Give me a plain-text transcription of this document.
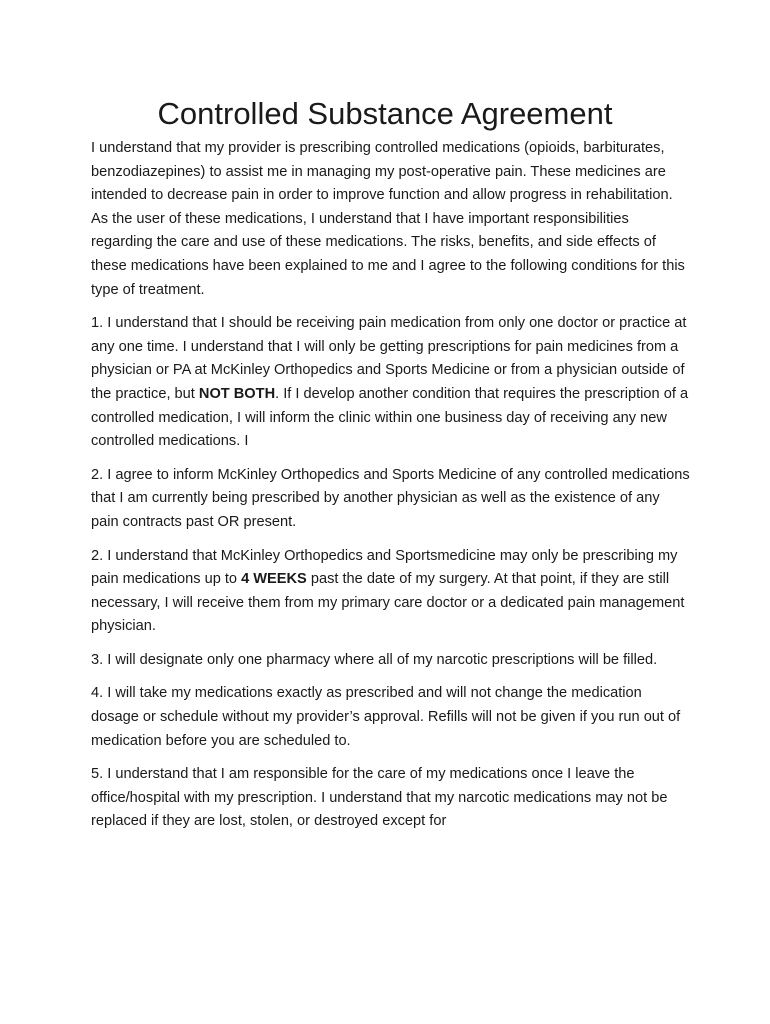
Controlled Substance Agreement

I understand that my provider is prescribing controlled medications (opioids, barbiturates, benzodiazepines) to assist me in managing my post-operative pain. These medicines are intended to decrease pain in order to improve function and allow progress in rehabilitation. As the user of these medications, I understand that I have important responsibilities regarding the care and use of these medications. The risks, benefits, and side effects of these medications have been explained to me and I agree to the following conditions for this type of treatment.

1. I understand that I should be receiving pain medication from only one doctor or practice at any one time. I understand that I will only be getting prescriptions for pain medicines from a physician or PA at McKinley Orthopedics and Sports Medicine or from a physician outside of the practice, but NOT BOTH. If I develop another condition that requires the prescription of a controlled medication, I will inform the clinic within one business day of receiving any new controlled medications. I

2. I agree to inform McKinley Orthopedics and Sports Medicine of any controlled medications that I am currently being prescribed by another physician as well as the existence of any pain contracts past OR present.

2. I understand that McKinley Orthopedics and Sportsmedicine may only be prescribing my pain medications up to 4 WEEKS past the date of my surgery. At that point, if they are still necessary, I will receive them from my primary care doctor or a dedicated pain management physician.

3. I will designate only one pharmacy where all of my narcotic prescriptions will be filled.

4. I will take my medications exactly as prescribed and will not change the medication dosage or schedule without my provider’s approval. Refills will not be given if you run out of medication before you are scheduled to.

5. I understand that I am responsible for the care of my medications once I leave the office/hospital with my prescription. I understand that my narcotic medications may not be replaced if they are lost, stolen, or destroyed except for
